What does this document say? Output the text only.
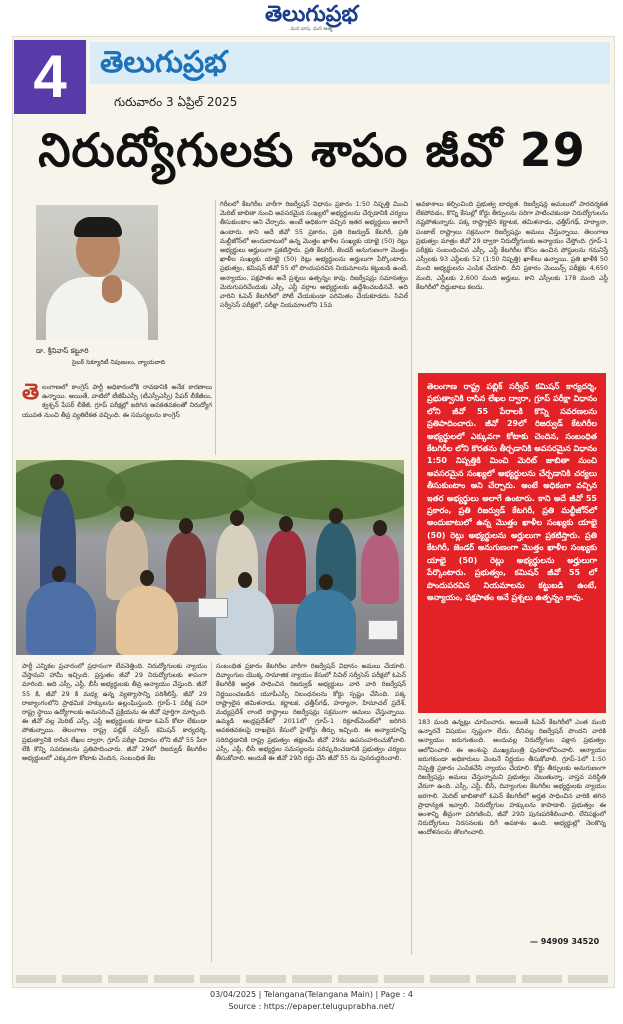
తెలుగుప్రభ
మన భాష. మన ఆత్మ
4	తెలుగుప్రభ
గురువారం 3 ఏప్రిల్ 2025
నిరుద్యోగులకు శాపం జీవో 29
డా. శ్రీనివాస్ కట్టూరి
సైబర్ సెక్యూరిటీ నిపుణులు, న్యాయవాది
తె లంగాణలో కాంగ్రెస్ పార్టీ అధికారంలోకి రావడానికి అనేక కారణాలు ఉన్నాయి. అయితే, వాటిలో టీజీపీఎస్సీ (టీఎస్పీఎస్సీ) పేపర్ లీకేజీలు, క్వశ్చన్ పేపర్ లీకేజీ, గ్రూప్ పరీక్షల్లో జరిగిన అవకతవకలతో నిరుద్యోగ యువత నుంచి తీవ్ర వ్యతిరేకత వచ్చింది. ఈ సమస్యలను కాంగ్రెస్
గిరీలలో కేటగిరీల వారీగా రిజర్వేషన్ విధానం ప్రకారం 1:50 నిష్పత్తి మించి మెరిట్ జాబితా నుంచి అవసరమైన సంఖ్యలో అభ్యర్థులను చేర్చడానికి చర్యలు తీసుకుంటాం అని చేర్చారు. అంటే అధికంగా వచ్చిన ఇతర అభ్యర్థులు అలాగే ఉంటారు. కాని అదే జీవో 55 ప్రకారం, ప్రతి రిజర్వుడ్ కేటగిరీ, ప్రతి మల్టీజోన్‌లో అందుబాటులో ఉన్న మొత్తం ఖాళీల సంఖ్యకు యాభై (50) రెట్లు అభ్యర్థులు అర్హులుగా ప్రకటిస్తారు. ప్రతి కేటగిరీ, జెండర్ అనుగుణంగా మొత్తం ఖాళీల సంఖ్యకు యాభై (50) రెట్లు అభ్యర్థులను అర్హులుగా పేర్కొంటారు. ప్రభుత్వం, కమిషన్ జీవో 55 లో పొందుపరచిన నియమాలను కట్టుబడి ఉంటే, అన్యాయం, పక్షపాతం అనే ప్రశ్నలు ఉత్పన్నం కావు. రిజర్వేషన్లు సమానత్వం మెరుగుపరిచేందుకు ఎస్సీ, ఎస్టీ వర్గాల అభ్యర్థులకు ఉద్దేశించబడినవే. అది వారిని ఓపెన్ కేటగిరీలో పోటీ చేయకుండా పరిమితం చేయకూడదు. సివిల్ సర్వీసెస్ పరీక్షలో, పరీక్షా నియమాలలోని 15వ
అవకాశాలు కల్పించింది ప్రభుత్వ బాధ్యత. రిజర్వేషన్ల అమలులో పారదర్శకత లేకపోవడం, కొన్ని కేసుల్లో కోర్టు తీర్పులను సరిగా పాటించకుండా నిరుద్యోగులను నష్టపోతున్నారు. పక్క రాష్ట్రాలైన కర్ణాటక, తమిళనాడు, ఛత్తీస్‌గఢ్, హర్యానా, పంజాబ్ రాష్ట్రాలు సక్రమంగా రిజర్వేషన్లు అమలు చేస్తున్నాయి. తెలంగాణ ప్రభుత్వం మాత్రం జీవో 29 ద్వారా నిరుద్యోగులకు అన్యాయం చేస్తోంది. గ్రూప్-1 పరీక్షకు సంబంధించిన ఎస్సీ, ఎస్టీ కేటగిరీల కోసం ఉంచిన పోస్టులను గమనిస్తే ఎస్సీలకు 93 ఎస్టీలకు 52 (1:50 నిష్పత్తి) ఖాళీలు ఉన్నాయి. ప్రతి ఖాళీకి 50 మంది అభ్యర్థులను ఎంపిక చేయాలి. దీని ప్రకారం మెయిన్స్ పరీక్షకు 4,650 మంది, ఎస్టీలకు 2,600 మంది అర్హులు. కాని ఎస్సీలకు 178 మంది ఎస్టీ కేటగిరీలో దిద్దుబాటు కలదు.
తెలంగాణ రాష్ట్ర పబ్లిక్ సర్వీస్ కమిషన్ కార్యదర్శి, ప్రభుత్వానికి రాసిన లేఖల ద్వారా, గ్రూప్ పరీక్షా విధానం లోని జీవో 55 పేరాలకి కొన్ని సవరణలను ప్రతిపాదించారు. జీవో 29లో రిజర్వుడ్ కేటగిరీల అభ్యర్థులలో ఎక్కువగా కోటాకు చెందిన, సంబంధిత కేటగిరీల లోని కొరతను తీర్చడానికి అవసరమైన విధానం 1:50 నిష్పత్తికి మించి మెరిట్ జాబితా నుంచి అవసరమైన సంఖ్యలో అభ్యర్థులను చేర్చడానికి చర్యలు తీసుకుంటాం అని చేర్చారు. అంటే అధికంగా వచ్చిన ఇతర అభ్యర్థులు అలాగే ఉంటారు. కాని అదే జీవో 55 ప్రకారం, ప్రతి రిజర్వుడ్ కేటగిరీ, ప్రతి మల్టీజోన్‌లో అందుబాటులో ఉన్న మొత్తం ఖాళీల సంఖ్యకు యాభై (50) రెట్లు అభ్యర్థులను అర్హులుగా ప్రకటిస్తారు. ప్రతి కేటగిరీ, జెండర్ అనుగుణంగా మొత్తం ఖాళీల సంఖ్యకు యాభై (50) రెట్లు అభ్యర్థులను అర్హులుగా పేర్కొంటారు. ప్రభుత్వం, కమిషన్ జీవో 55 లో పొందుపరచిన నియమాలను కట్టుబడి ఉంటే, అన్యాయం, పక్షపాతం అనే ప్రశ్నలు ఉత్పన్నం కావు.
పార్టీ ఎన్నికల ప్రచారంలో ప్రధానంగా లేవనెత్తింది. నిరుద్యోగులకు న్యాయం చేస్తామని హామీ ఇచ్చింది. ప్రస్తుతం జీవో 29 నిరుద్యోగులకు శాపంగా మారింది. అది ఎస్సీ, ఎస్టీ, బీసీ అభ్యర్థులకు తీవ్ర అన్యాయం చేస్తుంది. జీవో 55 కి, జీవో 29 కి మధ్య ఉన్న వ్యత్యాసాన్ని పరిశీలిస్తే, జీవో 29 రాజ్యాంగంలోని ప్రాథమిక హక్కులను ఉల్లంఘిస్తుంది. గ్రూప్-1 పరీక్ష సహా రాష్ట్ర స్థాయి ఉద్యోగాలకు అనుసరించే ప్రక్రియను ఈ జీవో పూర్తిగా మార్చింది. ఈ జీవో వల్ల మెరిట్ ఎస్సీ, ఎస్టీ అభ్యర్థులకు కూడా ఓపెన్ కోటా లేకుండా పోతున్నాయి. తెలంగాణ రాష్ట్ర పబ్లిక్ సర్వీస్ కమిషన్ కార్యదర్శి, ప్రభుత్వానికి రాసిన లేఖల ద్వారా, గ్రూప్ పరీక్షా విధానం లోని జీవో 55 పేరా లేకి కొన్ని సవరణలను ప్రతిపాదించారు. జీవో 29లో రిజర్వుడ్ కేటగిరీల అభ్యర్థులలో ఎక్కువగా కోటాకు చెందిన, సంబంధిత కేట
సంబంధిత ప్రకారం కేటగిరీల వారీగా రిజర్వేషన్ విధానం అమలు చేయాలి. దివ్యాంగుల యొక్క సామాజిక న్యాయం కేసులో సివిల్ సర్వీసెస్ పరీక్షలో ఓపెన్ కేటగిరీకి అర్హత సాధించిన రిజర్వుడ్ అభ్యర్థులు వారి వారి రిజర్వేషన్ నిర్ణయించబడిన యూపీఎస్సీ నిబంధనలను కోర్టు స్పష్టం చేసింది. పక్క రాష్ట్రాలైన తమిళనాడు, కర్ణాటక, ఛత్తీస్‌గఢ్, హర్యానా, హిమాచల్ ప్రదేశ్, మధ్యప్రదేశ్ లాంటి రాష్ట్రాలు రిజర్వేషన్లు సక్రమంగా అమలు చేస్తున్నాయి. ఉమ్మడి ఆంధ్రప్రదేశ్‌లో 2011లో గ్రూప్-1 రిక్రూట్‌మెంట్‌లో జరిగిన అవకతవకలపై దాఖలైన కేసులో హైకోర్టు తీర్పు ఇచ్చింది. ఈ అన్యాయాన్ని సరిదిద్దడానికి రాష్ట్ర ప్రభుత్వం తక్షణమే జీవో 29ను ఉపసంహరించుకోవాలి. ఎస్సీ, ఎస్టీ, బీసీ అభ్యర్థుల సమస్యలను పరిష్కరించడానికి ప్రభుత్వం చర్యలు తీసుకోవాలి. అందుకే ఈ జీవో 29ని రద్దు చేసి జీవో 55 ను పునరుద్ధరించాలి.
183 మంది ఉన్నట్లు చూపించారు. అయితే ఓపెన్ కేటగిరీలో ఎంత మంది ఉన్నారనే విషయం స్పష్టంగా లేదు. దీనివల్ల రిజర్వేషన్ పొందని వారికి అన్యాయం జరుగుతుంది. అందువల్ల నిరుద్యోగుల పక్షాన ప్రభుత్వం ఆలోచించాలి. ఈ అంశంపై ముఖ్యమంత్రి పునరాలోచించాలి. ఆన్యాయం జరుగకుండా అధికారులు వెంటనే నిర్ణయం తీసుకోవాలి. గ్రూప్-1లో 1:50 నిష్పత్తి ప్రకారం ఎంపికచేసి న్యాయం చేయాలి. కోర్టు తీర్పులకు అనుగుణంగా రిజర్వేషన్లు అమలు చేస్తున్నామని ప్రభుత్వం చెబుతున్నా, వాస్తవ పరిస్థితి వేరుగా ఉంది. ఎస్సీ, ఎస్టీ, బీసీ, దివ్యాంగుల కేటగిరీల అభ్యర్థులకు న్యాయం జరగాలి. మెరిట్ జాబితాలో ఓపెన్ కేటగిరీలో అర్హత సాధించిన వారికి తగిన ప్రాధాన్యత ఇవ్వాలి. నిరుద్యోగుల హక్కులను కాపాడాలి. ప్రభుత్వం ఈ అంశాన్ని తీవ్రంగా పరిగణించి, జీవో 29ని పునఃపరిశీలించాలి. లేనిపక్షంలో నిరుద్యోగులు నిరసనలకు దిగే అవకాశం ఉంది. అభ్యర్థుల్లో నెలకొన్న ఆందోళనలను తొలగించాలి.
— 94909 34520
03/04/2025 | Telangana(Telangana Main) | Page : 4
Source : https://epaper.teluguprabha.net/
